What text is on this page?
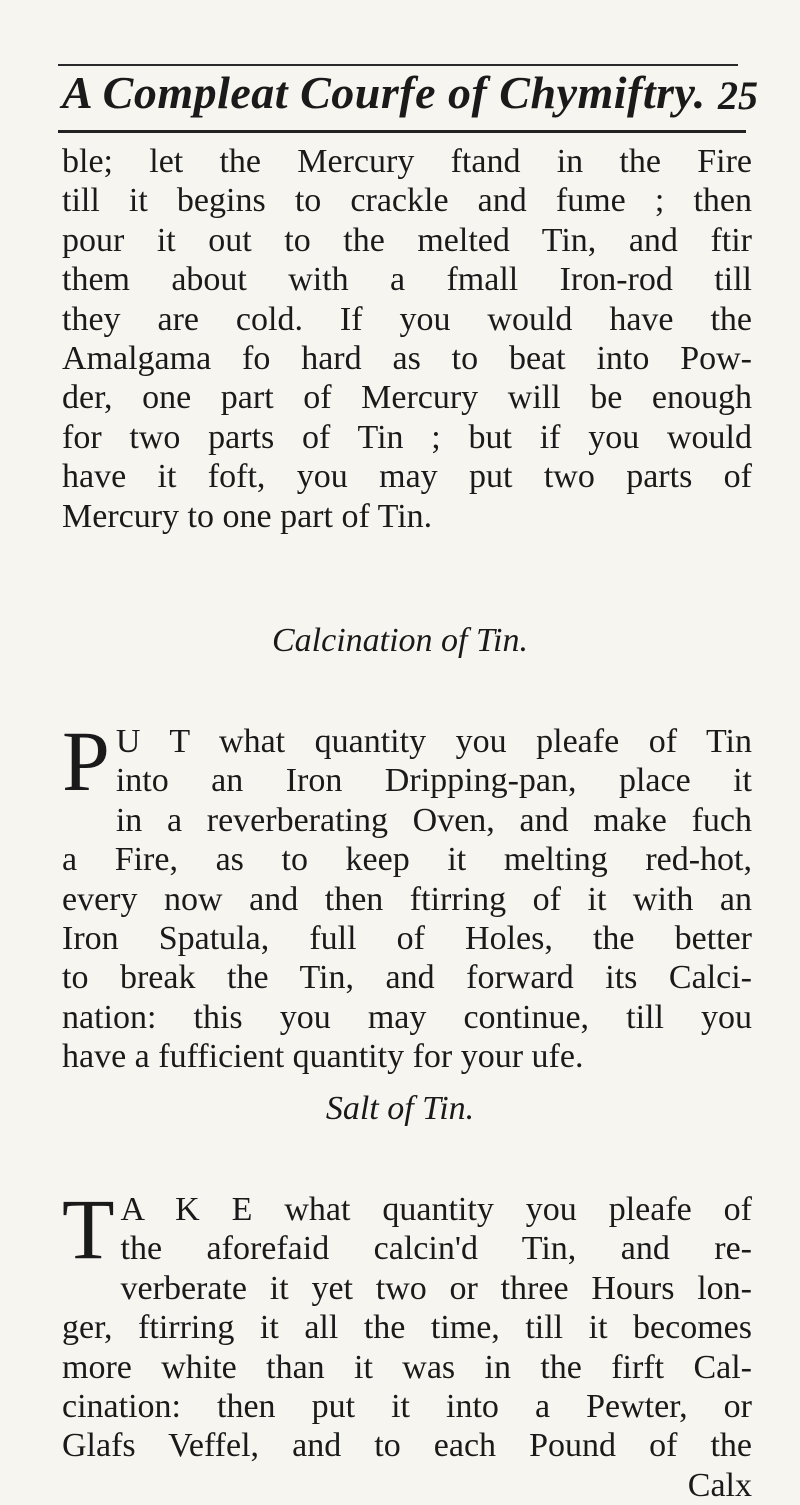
A Compleat Courfe of Chymiftry. 25
ble; let the Mercury ftand in the Fire
till it begins to crackle and fume ; then
pour it out to the melted Tin, and ftir
them about with a fmall Iron-rod till
they are cold. If you would have the
Amalgama fo hard as to beat into Pow-
der, one part of Mercury will be enough
for two parts of Tin ; but if you would
have it foft, you may put two parts of
Mercury to one part of Tin.
Calcination of Tin.
P U T what quantity you pleafe of Tin
into an Iron Dripping-pan, place it
in a reverberating Oven, and make fuch
a Fire, as to keep it melting red-hot,
every now and then ftirring of it with an
Iron Spatula, full of Holes, the better
to break the Tin, and forward its Calci-
nation: this you may continue, till you
have a fufficient quantity for your ufe.
Salt of Tin.
T A K E what quantity you pleafe of
the aforefaid calcin'd Tin, and re-
verberate it yet two or three Hours lon-
ger, ftirring it all the time, till it becomes
more white than it was in the firft Cal-
cination: then put it into a Pewter, or
Glafs Veffel, and to each Pound of the
Calx
